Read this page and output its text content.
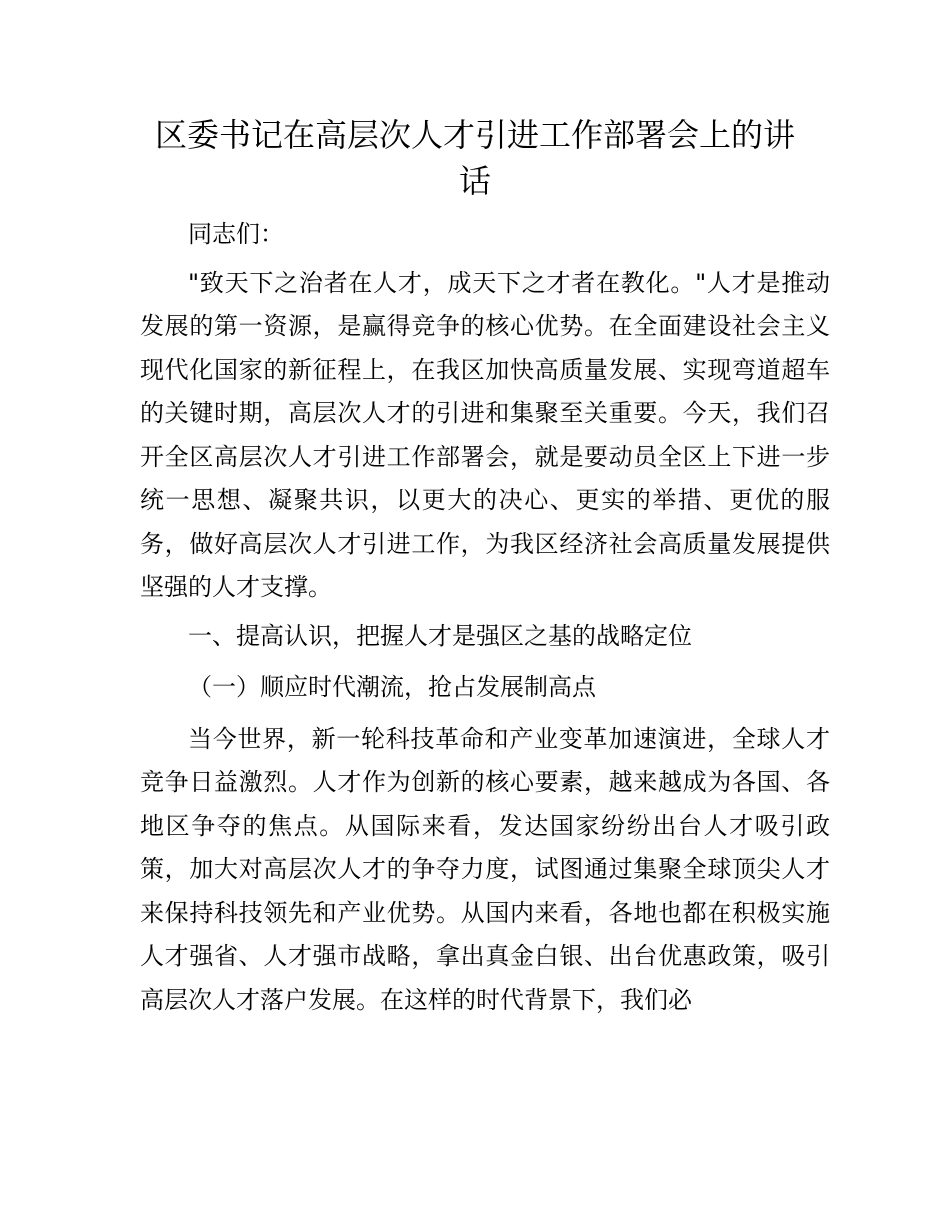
区委书记在高层次人才引进工作部署会上的讲话

同志们：

"致天下之治者在人才，成天下之才者在教化。"人才是推动发展的第一资源，是赢得竞争的核心优势。在全面建设社会主义现代化国家的新征程上，在我区加快高质量发展、实现弯道超车的关键时期，高层次人才的引进和集聚至关重要。今天，我们召开全区高层次人才引进工作部署会，就是要动员全区上下进一步统一思想、凝聚共识，以更大的决心、更实的举措、更优的服务，做好高层次人才引进工作，为我区经济社会高质量发展提供坚强的人才支撑。

一、提高认识，把握人才是强区之基的战略定位

（一）顺应时代潮流，抢占发展制高点

当今世界，新一轮科技革命和产业变革加速演进，全球人才竞争日益激烈。人才作为创新的核心要素，越来越成为各国、各地区争夺的焦点。从国际来看，发达国家纷纷出台人才吸引政策，加大对高层次人才的争夺力度，试图通过集聚全球顶尖人才来保持科技领先和产业优势。从国内来看，各地也都在积极实施人才强省、人才强市战略，拿出真金白银、出台优惠政策，吸引高层次人才落户发展。在这样的时代背景下，我们必
